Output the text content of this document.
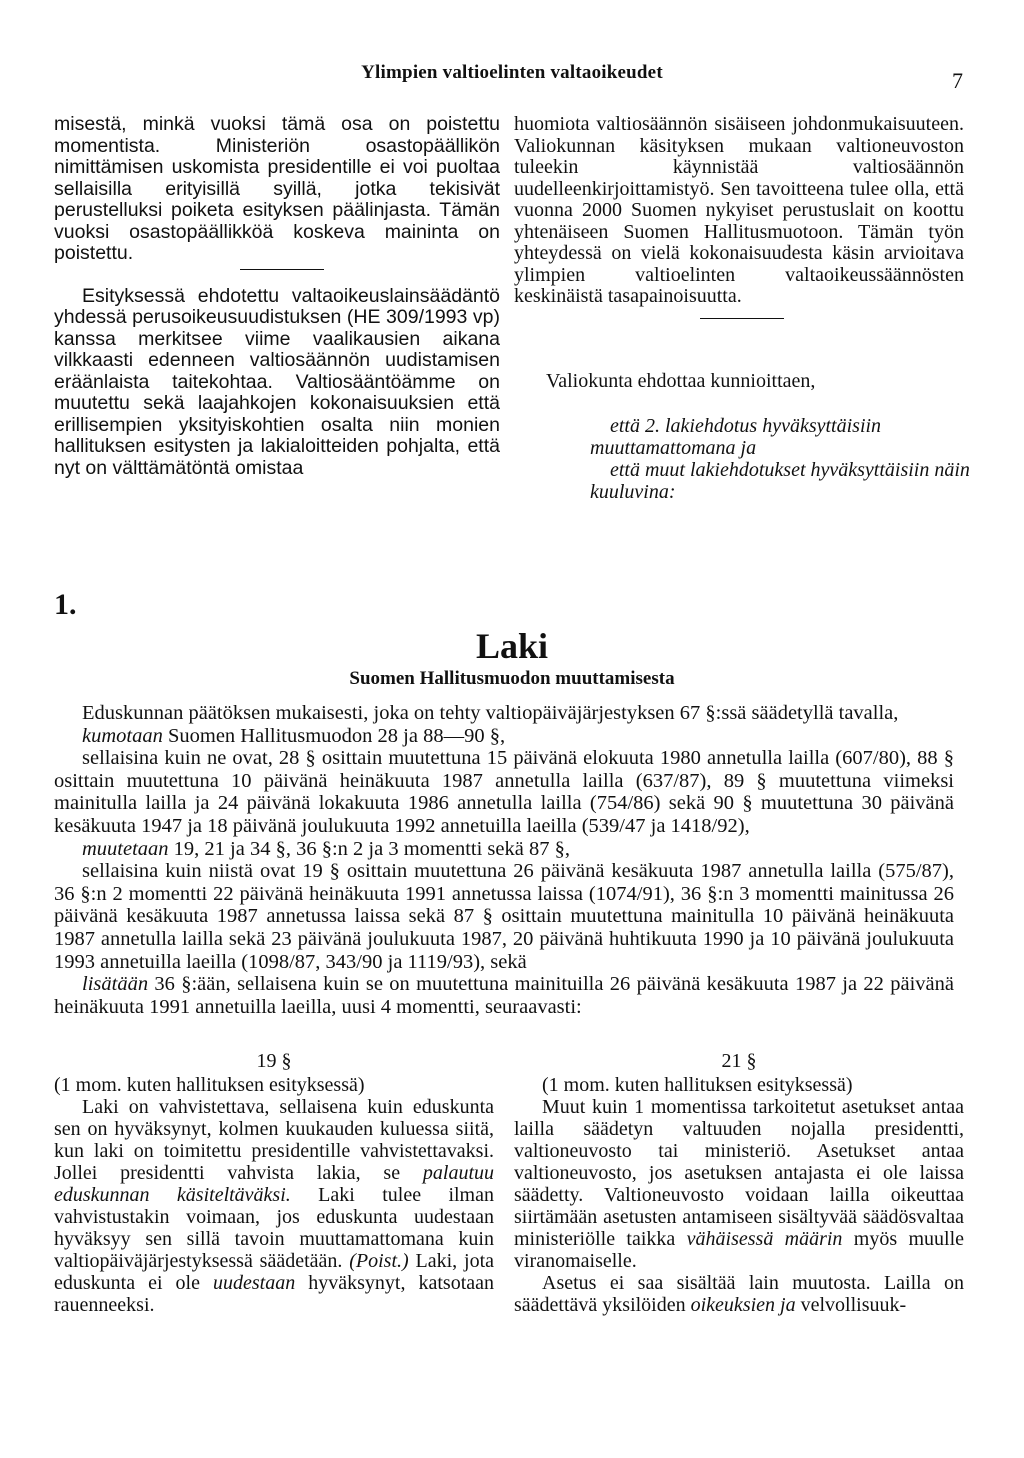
Ylimpien valtioelinten valtaoikeudet	7

misestä, minkä vuoksi tämä osa on poistettu momentista. Ministeriön osastopäällikön nimittämisen uskomista presidentille ei voi puoltaa sellaisilla erityisillä syillä, jotka tekisivät perustelluksi poiketa esityksen päälinjasta. Tämän vuoksi osastopäällikköä koskeva maininta on poistettu.

Esityksessä ehdotettu valtaoikeuslainsäädäntö yhdessä perusoikeusuudistuksen (HE 309/1993 vp) kanssa merkitsee viime vaalikausien aikana vilkkaasti edenneen valtiosäännön uudistamisen eräänlaista taitekohtaa. Valtiosääntöämme on muutettu sekä laajahkojen kokonaisuuksien että erillisempien yksityiskohtien osalta niin monien hallituksen esitysten ja lakialoitteiden pohjalta, että nyt on välttämätöntä omistaa

huomiota valtiosäännön sisäiseen johdonmukaisuuteen. Valiokunnan käsityksen mukaan valtioneuvoston tuleekin käynnistää valtiosäännön uudelleenkirjoittamistyö. Sen tavoitteena tulee olla, että vuonna 2000 Suomen nykyiset perustuslait on koottu yhtenäiseen Suomen Hallitusmuotoon. Tämän työn yhteydessä on vielä kokonaisuudesta käsin arvioitava ylimpien valtioelinten valtaoikeussäännösten keskinäistä tasapainoisuutta.

Valiokunta ehdottaa kunnioittaen,

että 2. lakiehdotus hyväksyttäisiin muuttamattomana ja

että muut lakiehdotukset hyväksyttäisiin näin kuuluvina:

1.
Laki
Suomen Hallitusmuodon muuttamisesta

Eduskunnan päätöksen mukaisesti, joka on tehty valtiopäiväjärjestyksen 67 §:ssä säädetyllä tavalla,

kumotaan Suomen Hallitusmuodon 28 ja 88—90 §,

sellaisina kuin ne ovat, 28 § osittain muutettuna 15 päivänä elokuuta 1980 annetulla lailla (607/80), 88 § osittain muutettuna 10 päivänä heinäkuuta 1987 annetulla lailla (637/87), 89 § muutettuna viimeksi mainitulla lailla ja 24 päivänä lokakuuta 1986 annetulla lailla (754/86) sekä 90 § muutettuna 30 päivänä kesäkuuta 1947 ja 18 päivänä joulukuuta 1992 annetuilla laeilla (539/47 ja 1418/92),

muutetaan 19, 21 ja 34 §, 36 §:n 2 ja 3 momentti sekä 87 §,

sellaisina kuin niistä ovat 19 § osittain muutettuna 26 päivänä kesäkuuta 1987 annetulla lailla (575/87), 36 §:n 2 momentti 22 päivänä heinäkuuta 1991 annetussa laissa (1074/91), 36 §:n 3 momentti mainitussa 26 päivänä kesäkuuta 1987 annetussa laissa sekä 87 § osittain muutettuna mainitulla 10 päivänä heinäkuuta 1987 annetulla lailla sekä 23 päivänä joulukuuta 1987, 20 päivänä huhtikuuta 1990 ja 10 päivänä joulukuuta 1993 annetuilla laeilla (1098/87, 343/90 ja 1119/93), sekä

lisätään 36 §:ään, sellaisena kuin se on muutettuna mainituilla 26 päivänä kesäkuuta 1987 ja 22 päivänä heinäkuuta 1991 annetuilla laeilla, uusi 4 momentti, seuraavasti:

19 §	21 §

(1 mom. kuten hallituksen esityksessä)

Laki on vahvistettava, sellaisena kuin eduskunta sen on hyväksynyt, kolmen kuukauden kuluessa siitä, kun laki on toimitettu presidentille vahvistettavaksi. Jollei presidentti vahvista lakia, se palautuu eduskunnan käsiteltäväksi. Laki tulee ilman vahvistustakin voimaan, jos eduskunta uudestaan hyväksyy sen sillä tavoin muuttamattomana kuin valtiopäiväjärjestyksessä säädetään. (Poist.) Laki, jota eduskunta ei ole uudestaan hyväksynyt, katsotaan rauenneeksi.

(1 mom. kuten hallituksen esityksessä)

Muut kuin 1 momentissa tarkoitetut asetukset antaa lailla säädetyn valtuuden nojalla presidentti, valtioneuvosto tai ministeriö. Asetukset antaa valtioneuvosto, jos asetuksen antajasta ei ole laissa säädetty. Valtioneuvosto voidaan lailla oikeuttaa siirtämään asetusten antamiseen sisältyvää säädösvaltaa ministeriölle taikka vähäisessä määrin myös muulle viranomaiselle.

Asetus ei saa sisältää lain muutosta. Lailla on säädettävä yksilöiden oikeuksien ja velvollisuuk-
